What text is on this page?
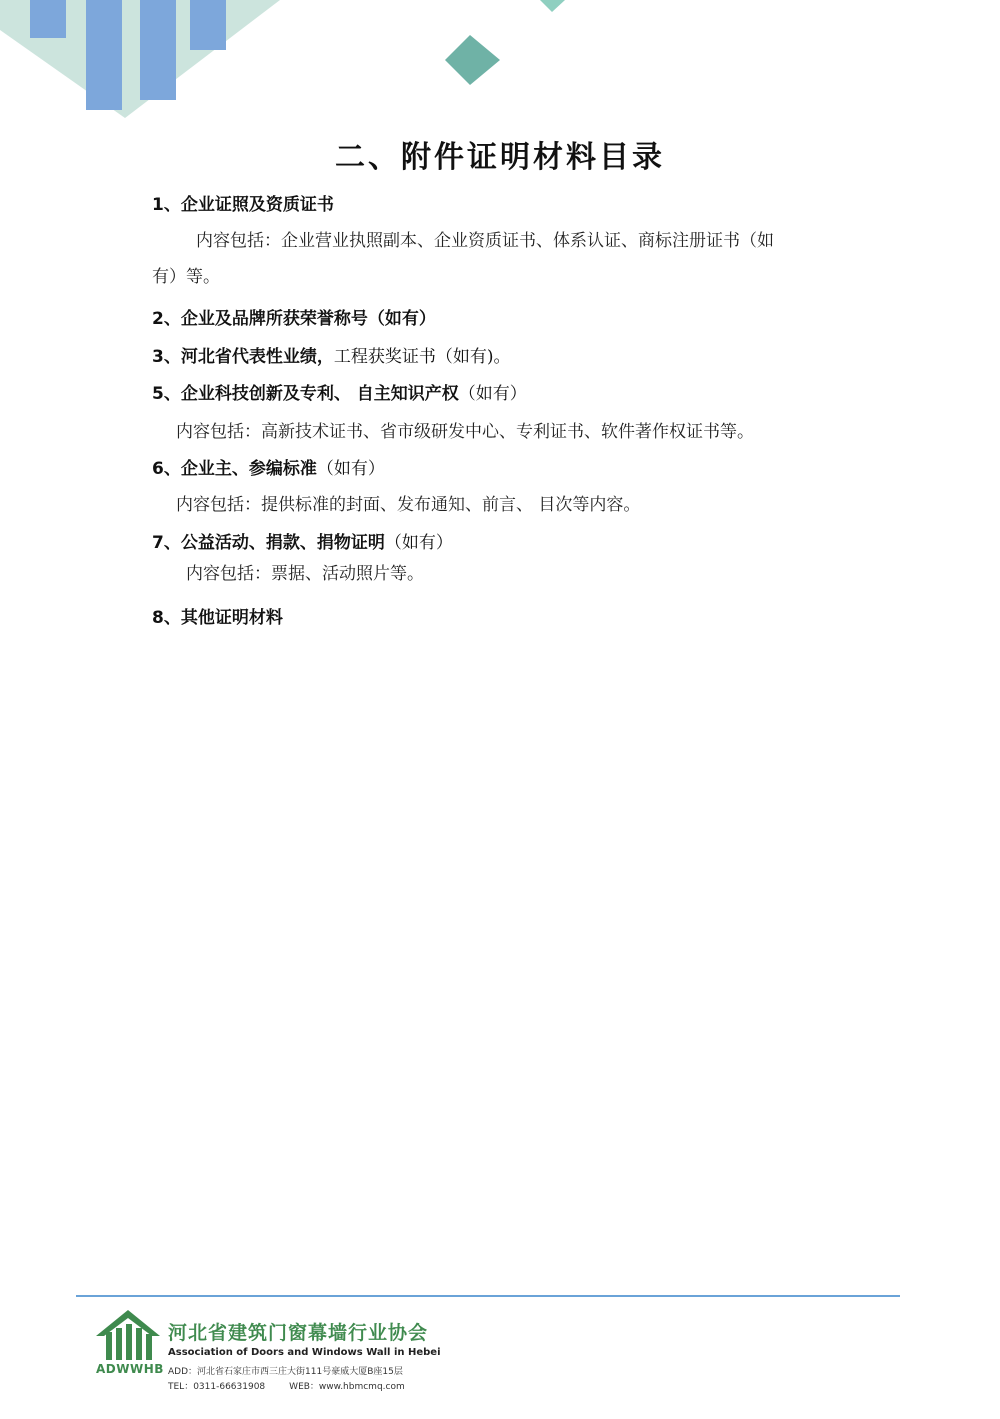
二、附件证明材料目录
1、企业证照及资质证书
内容包括：企业营业执照副本、企业资质证书、体系认证、商标注册证书（如
有）等。
2、企业及品牌所获荣誉称号（如有）
3、河北省代表性业绩，工程获奖证书（如有)。
5、企业科技创新及专利、 自主知识产权（如有）
内容包括：高新技术证书、省市级研发中心、专利证书、软件著作权证书等。
6、企业主、参编标准（如有）
内容包括：提供标准的封面、发布通知、前言、 目次等内容。
7、公益活动、捐款、捐物证明（如有）
内容包括：票据、活动照片等。
8、其他证明材料
ADWWHB
河北省建筑门窗幕墙行业协会
Association of Doors and Windows Wall in Hebei
ADD：河北省石家庄市西三庄大街111号豪威大厦B座15层
TEL：0311-66631908	WEB：www.hbmcmq.com
